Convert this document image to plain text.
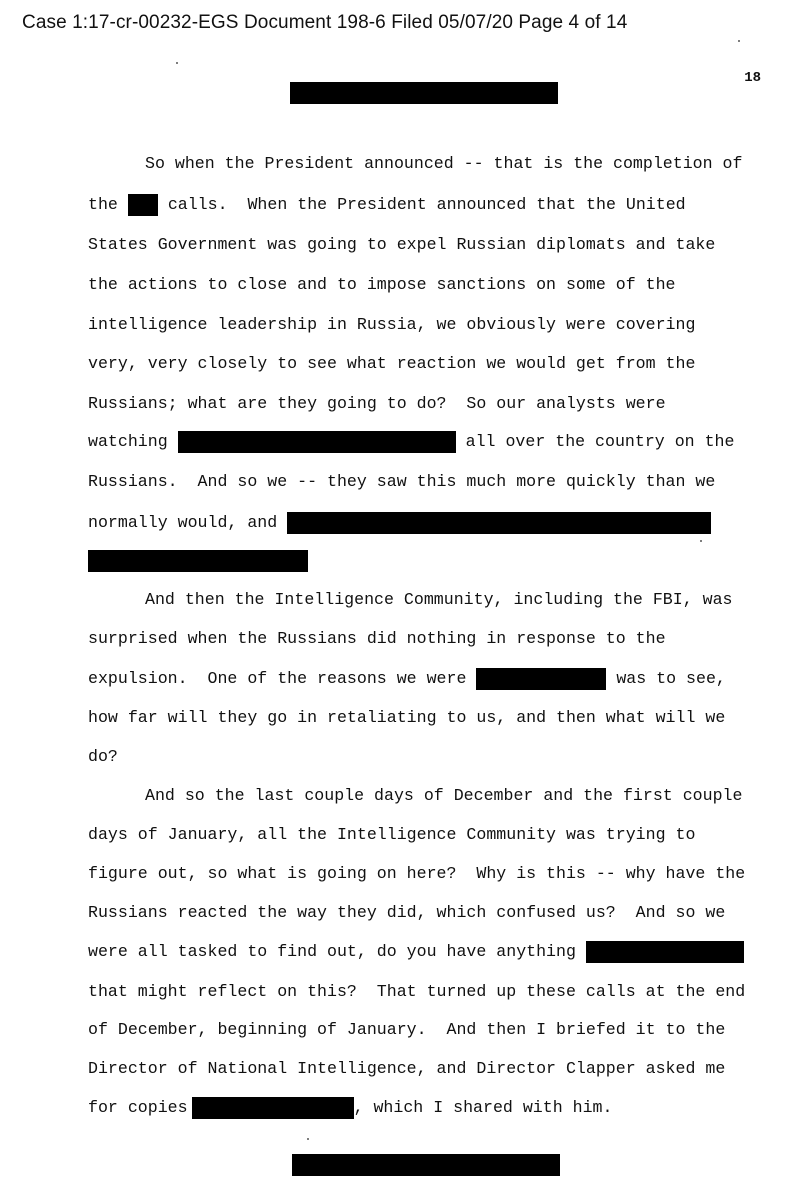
Case 1:17-cr-00232-EGS Document 198-6 Filed 05/07/20 Page 4 of 14
18
So when the President announced -- that is the completion of
the	calls.  When the President announced that the United
States Government was going to expel Russian diplomats and take
the actions to close and to impose sanctions on some of the
intelligence leadership in Russia, we obviously were covering
very, very closely to see what reaction we would get from the
Russians; what are they going to do?  So our analysts were
watching	all over the country on the
Russians.  And so we -- they saw this much more quickly than we
normally would, and
And then the Intelligence Community, including the FBI, was
surprised when the Russians did nothing in response to the
expulsion.  One of the reasons we were	was to see,
how far will they go in retaliating to us, and then what will we
do?
And so the last couple days of December and the first couple
days of January, all the Intelligence Community was trying to
figure out, so what is going on here?  Why is this -- why have the
Russians reacted the way they did, which confused us?  And so we
were all tasked to find out, do you have anything
that might reflect on this?  That turned up these calls at the end
of December, beginning of January.  And then I briefed it to the
Director of National Intelligence, and Director Clapper asked me
for copies	, which I shared with him.
